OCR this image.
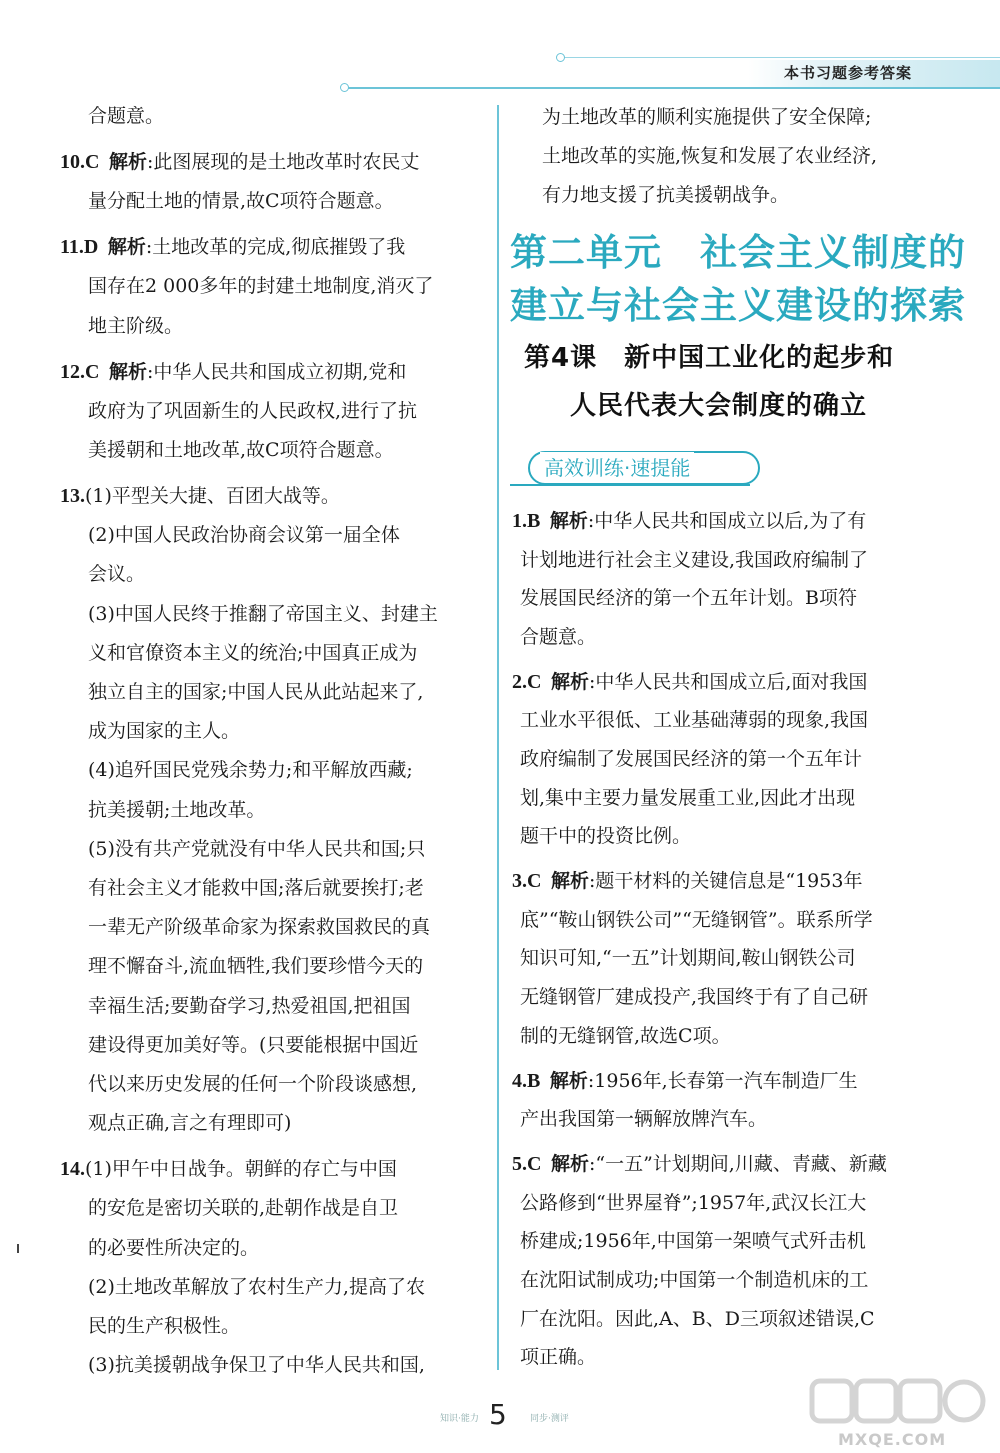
本书习题参考答案
合题意。
10.C  解析:此图展现的是土地改革时农民丈
量分配土地的情景,故C项符合题意。
11.D  解析:土地改革的完成,彻底摧毁了我
国存在2 000多年的封建土地制度,消灭了
地主阶级。
12.C  解析:中华人民共和国成立初期,党和
政府为了巩固新生的人民政权,进行了抗
美援朝和土地改革,故C项符合题意。
13.(1)平型关大捷、百团大战等。
(2)中国人民政治协商会议第一届全体
会议。
(3)中国人民终于推翻了帝国主义、封建主
义和官僚资本主义的统治;中国真正成为
独立自主的国家;中国人民从此站起来了,
成为国家的主人。
(4)追歼国民党残余势力;和平解放西藏;
抗美援朝;土地改革。
(5)没有共产党就没有中华人民共和国;只
有社会主义才能救中国;落后就要挨打;老
一辈无产阶级革命家为探索救国救民的真
理不懈奋斗,流血牺牲,我们要珍惜今天的
幸福生活;要勤奋学习,热爱祖国,把祖国
建设得更加美好等。(只要能根据中国近
代以来历史发展的任何一个阶段谈感想,
观点正确,言之有理即可)
14.(1)甲午中日战争。朝鲜的存亡与中国
的安危是密切关联的,赴朝作战是自卫
的必要性所决定的。
(2)土地改革解放了农村生产力,提高了农
民的生产积极性。
(3)抗美援朝战争保卫了中华人民共和国,
为土地改革的顺利实施提供了安全保障;
土地改革的实施,恢复和发展了农业经济,
有力地支援了抗美援朝战争。
1.B  解析:中华人民共和国成立以后,为了有
计划地进行社会主义建设,我国政府编制了
发展国民经济的第一个五年计划。B项符
合题意。
2.C  解析:中华人民共和国成立后,面对我国
工业水平很低、工业基础薄弱的现象,我国
政府编制了发展国民经济的第一个五年计
划,集中主要力量发展重工业,因此才出现
题干中的投资比例。
3.C  解析:题干材料的关键信息是“1953年
底”“鞍山钢铁公司”“无缝钢管”。联系所学
知识可知,“一五”计划期间,鞍山钢铁公司
无缝钢管厂建成投产,我国终于有了自己研
制的无缝钢管,故选C项。
4.B  解析:1956年,长春第一汽车制造厂生
产出我国第一辆解放牌汽车。
5.C  解析:“一五”计划期间,川藏、青藏、新藏
公路修到“世界屋脊”;1957年,武汉长江大
桥建成;1956年,中国第一架喷气式歼击机
在沈阳试制成功;中国第一个制造机床的工
厂在沈阳。因此,A、B、D三项叙述错误,C
项正确。
第二单元　社会主义制度的
建立与社会主义建设的探索
第4课　新中国工业化的起步和
人民代表大会制度的确立
高效训练·速提能
知识·能力 5	同步·测评
MXQE.COM
